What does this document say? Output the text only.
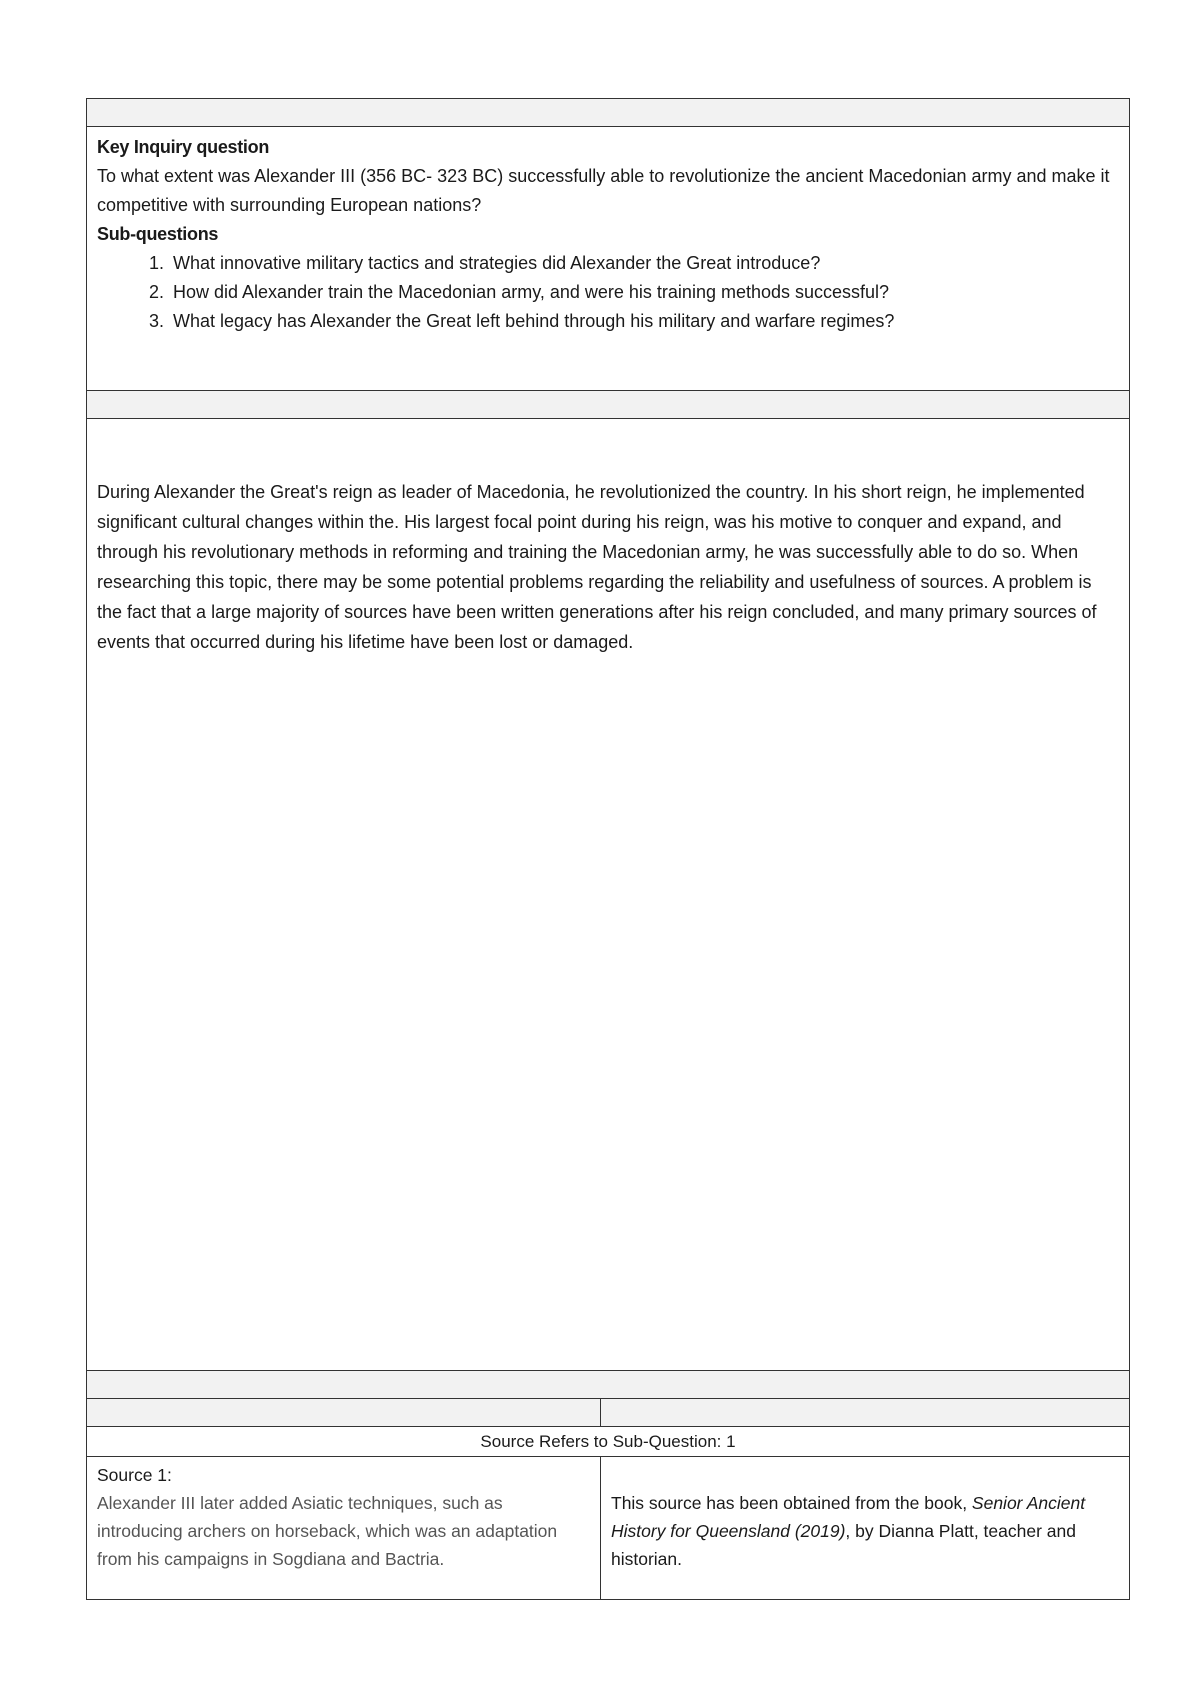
Key Inquiry question
To what extent was Alexander III (356 BC- 323 BC) successfully able to revolutionize the ancient Macedonian army and make it competitive with surrounding European nations?
Sub-questions
1. What innovative military tactics and strategies did Alexander the Great introduce?
2. How did Alexander train the Macedonian army, and were his training methods successful?
3. What legacy has Alexander the Great left behind through his military and warfare regimes?
During Alexander the Great's reign as leader of Macedonia, he revolutionized the country. In his short reign, he implemented significant cultural changes within the. His largest focal point during his reign, was his motive to conquer and expand, and through his revolutionary methods in reforming and training the Macedonian army, he was successfully able to do so. When researching this topic, there may be some potential problems regarding the reliability and usefulness of sources. A problem is the fact that a large majority of sources have been written generations after his reign concluded, and many primary sources of events that occurred during his lifetime have been lost or damaged.
Source Refers to Sub-Question: 1
Source 1:
Alexander III later added Asiatic techniques, such as introducing archers on horseback, which was an adaptation from his campaigns in Sogdiana and Bactria.
This source has been obtained from the book, Senior Ancient History for Queensland (2019), by Dianna Platt, teacher and historian.
